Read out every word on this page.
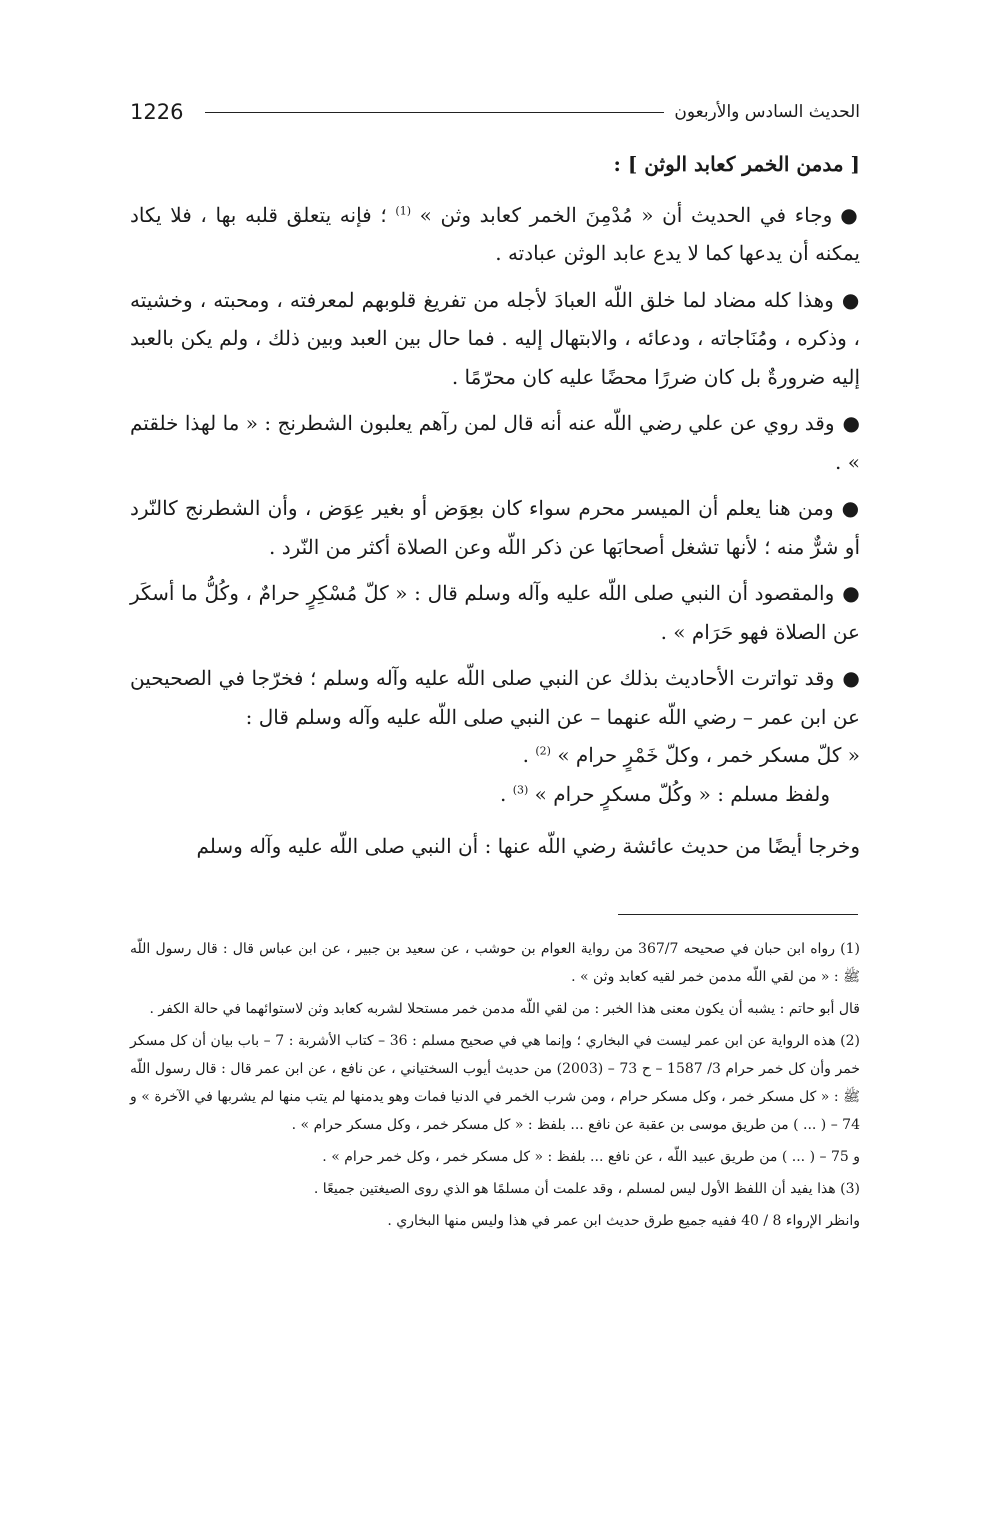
1226	الحديث السادس والأربعون
[ مدمن الخمر كعابد الوثن ] :

●وجاء في الحديث أن « مُدْمِنَ الخمر كعابد وثن » $^{(1)}$ ؛ فإنه يتعلق قلبه بها ، فلا يكاد يمكنه أن يدعها كما لا يدع عابد الوثن عبادته .

●وهذا كله مضاد لما خلق اللّه العبادَ لأجله من تفريغ قلوبهم لمعرفته ، ومحبته ، وخشيته ، وذكره ، ومُنَاجاته ، ودعائه ، والابتهال إليه . فما حال بين العبد وبين ذلك ، ولم يكن بالعبد إليه ضرورةٌ بل كان ضررًا محضًا عليه كان محرّمًا .

●وقد روي عن علي رضي اللّه عنه أنه قال لمن رآهم يعلبون الشطرنج : « ما لهذا خلقتم » .

●ومن هنا يعلم أن الميسر محرم سواء كان بعِوَض أو بغير عِوَض ، وأن الشطرنج كالنّرد أو شرٌّ منه ؛ لأنها تشغل أصحابَها عن ذكر اللّه وعن الصلاة أكثر من النّرد .

●والمقصود أن النبي صلى اللّه عليه وآله وسلم قال : « كلّ مُسْكِرٍ حرامٌ ، وكُلُّ ما أسكَر عن الصلاة فهو حَرَام » .

●وقد تواترت الأحاديث بذلك عن النبي صلى اللّه عليه وآله وسلم ؛ فخرّجا في الصحيحين عن ابن عمر – رضي اللّه عنهما – عن النبي صلى اللّه عليه وآله وسلم قال :
« كلّ مسكر خمر ، وكلّ خَمْرٍ حرام » $^{(2)}$ .
ولفظ مسلم : « وكُلّ مسكرٍ حرام » $^{(3)}$ .

وخرجا أيضًا من حديث عائشة رضي اللّه عنها : أن النبي صلى اللّه عليه وآله وسلم

(1) رواه ابن حبان في صحيحه 367/7 من رواية العوام بن حوشب ، عن سعيد بن جبير ، عن ابن عباس قال : قال رسول اللّه ﷺ : « من لقي اللّه مدمن خمر لقيه كعابد وثن » .

قال أبو حاتم : يشبه أن يكون معنى هذا الخبر : من لقي اللّه مدمن خمر مستحلا لشربه كعابد وثن لاستوائهما في حالة الكفر .

(2) هذه الرواية عن ابن عمر ليست في البخاري ؛ وإنما هي في صحيح مسلم : 36 – كتاب الأشربة : 7 – باب بيان أن كل مسكر خمر وأن كل خمر حرام 3/ 1587 – ح 73 – (2003) من حديث أيوب السختياني ، عن نافع ، عن ابن عمر قال : قال رسول اللّه ﷺ : « كل مسكر خمر ، وكل مسكر حرام ، ومن شرب الخمر في الدنيا فمات وهو يدمنها لم يتب منها لم يشربها في الآخرة » و 74 – ( ... ) من طريق موسى بن عقبة عن نافع ... بلفظ : « كل مسكر خمر ، وكل مسكر حرام » .

و 75 – ( ... ) من طريق عبيد اللّه ، عن نافع ... بلفظ : « كل مسكر خمر ، وكل خمر حرام » .

(3) هذا يفيد أن اللفظ الأول ليس لمسلم ، وقد علمت أن مسلمًا هو الذي روى الصيغتين جميعًا .

وانظر الإرواء 8 / 40 ففيه جميع طرق حديث ابن عمر في هذا وليس منها البخاري .
